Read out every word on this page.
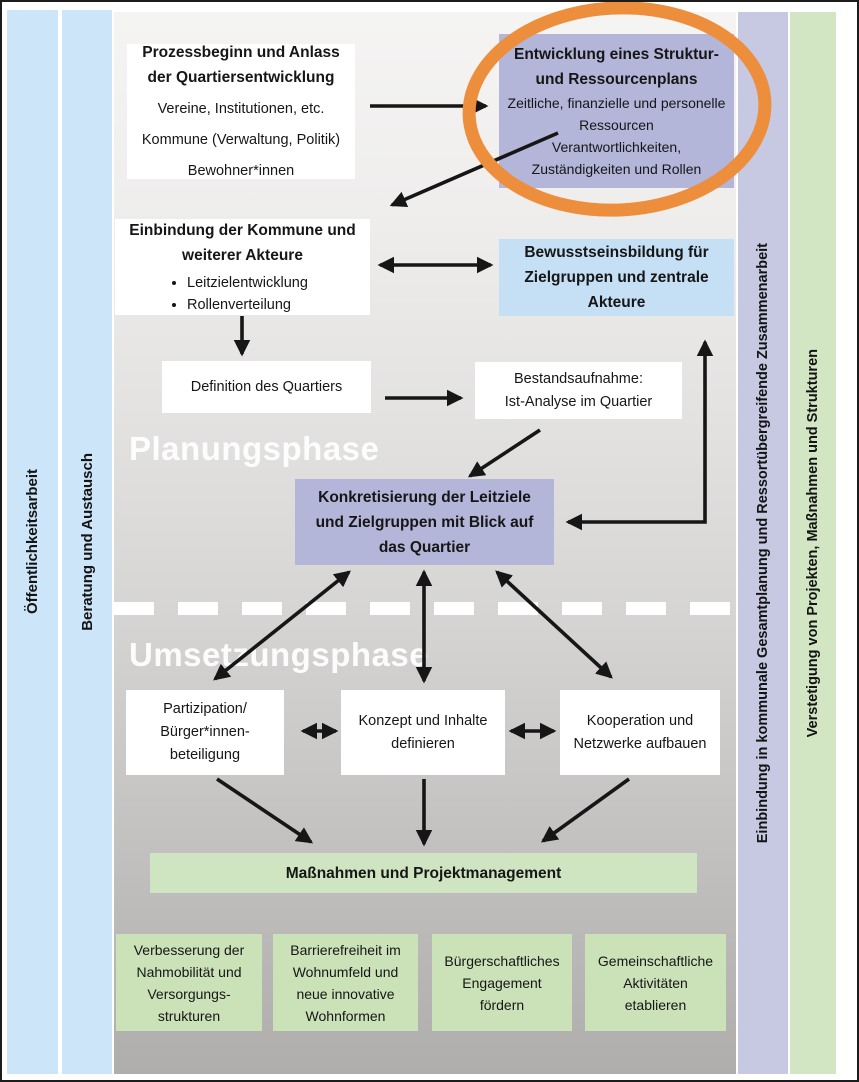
Öffentlichkeitsarbeit	Beratung und Austausch	Einbindung in kommunale Gesamtplanung und Ressortübergreifende Zusammenarbeit Verstetigung von Projekten, Maßnahmen und Strukturen
Planungsphase
Umsetzungsphase
Prozessbeginn und Anlass
der Quartiersentwicklung
Vereine, Institutionen, etc.
Kommune (Verwaltung, Politik)
Bewohner*innen
Entwicklung eines Struktur-
und Ressourcenplans
Zeitliche, finanzielle und personelle
Ressourcen
Verantwortlichkeiten,
Zuständigkeiten und Rollen
Einbindung der Kommune und
weiterer Akteure
• Leitzielentwicklung
• Rollenverteilung
Bewusstseinsbildung für
Zielgruppen und zentrale
Akteure
Definition des Quartiers	Bestandsaufnahme:
Ist-Analyse im Quartier
Konkretisierung der Leitziele
und Zielgruppen mit Blick auf
das Quartier
Partizipation/
Bürger*innen-
beteiligung
Konzept und Inhalte
definieren
Kooperation und
Netzwerke aufbauen
Maßnahmen und Projektmanagement
Verbesserung der
Nahmobilität und
Versorgungs-
strukturen
Barrierefreiheit im
Wohnumfeld und
neue innovative
Wohnformen
Bürgerschaftliches
Engagement
fördern
Gemeinschaftliche
Aktivitäten
etablieren
